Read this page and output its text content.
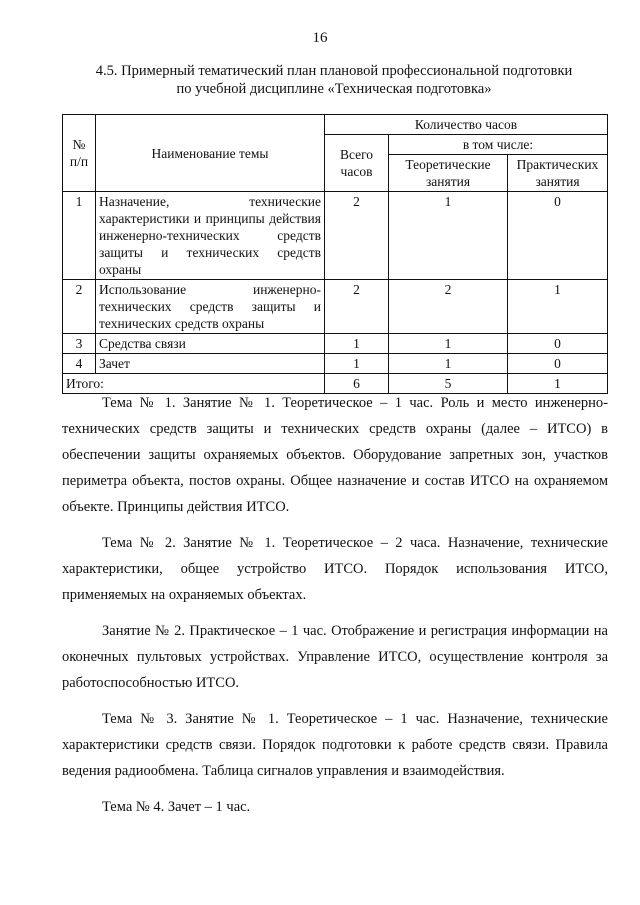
16
4.5. Примерный тематический план плановой профессиональной подготовки
по учебной дисциплине «Техническая подготовка»
№ п/п	Наименование темы	Количество часов		
		Всего часов	в том числе:	
			Теоретические занятия	Практических занятия
1	Назначение, технические характеристики и принципы действия инженерно-технических средств защиты и технических средств охраны	2	1	0
2	Использование инженерно-технических средств защиты и технических средств охраны	2	2	1
3	Средства связи	1	1	0
4	Зачет	1	1	0
Итого:		6	5	1

Тема № 1. Занятие № 1. Теоретическое – 1 час. Роль и место инженерно-технических средств защиты и технических средств охраны (далее – ИТСО) в обеспечении защиты охраняемых объектов. Оборудование запретных зон, участков периметра объекта, постов охраны. Общее назначение и состав ИТСО на охраняемом объекте. Принципы действия ИТСО.

Тема № 2. Занятие № 1. Теоретическое – 2 часа. Назначение, технические характеристики, общее устройство ИТСО. Порядок использования ИТСО, применяемых на охраняемых объектах.

Занятие № 2. Практическое – 1 час. Отображение и регистрация информации на оконечных пультовых устройствах. Управление ИТСО, осуществление контроля за работоспособностью ИТСО.

Тема № 3. Занятие № 1. Теоретическое – 1 час. Назначение, технические характеристики средств связи. Порядок подготовки к работе средств связи. Правила ведения радиообмена. Таблица сигналов управления и взаимодействия.

Тема № 4. Зачет – 1 час.
